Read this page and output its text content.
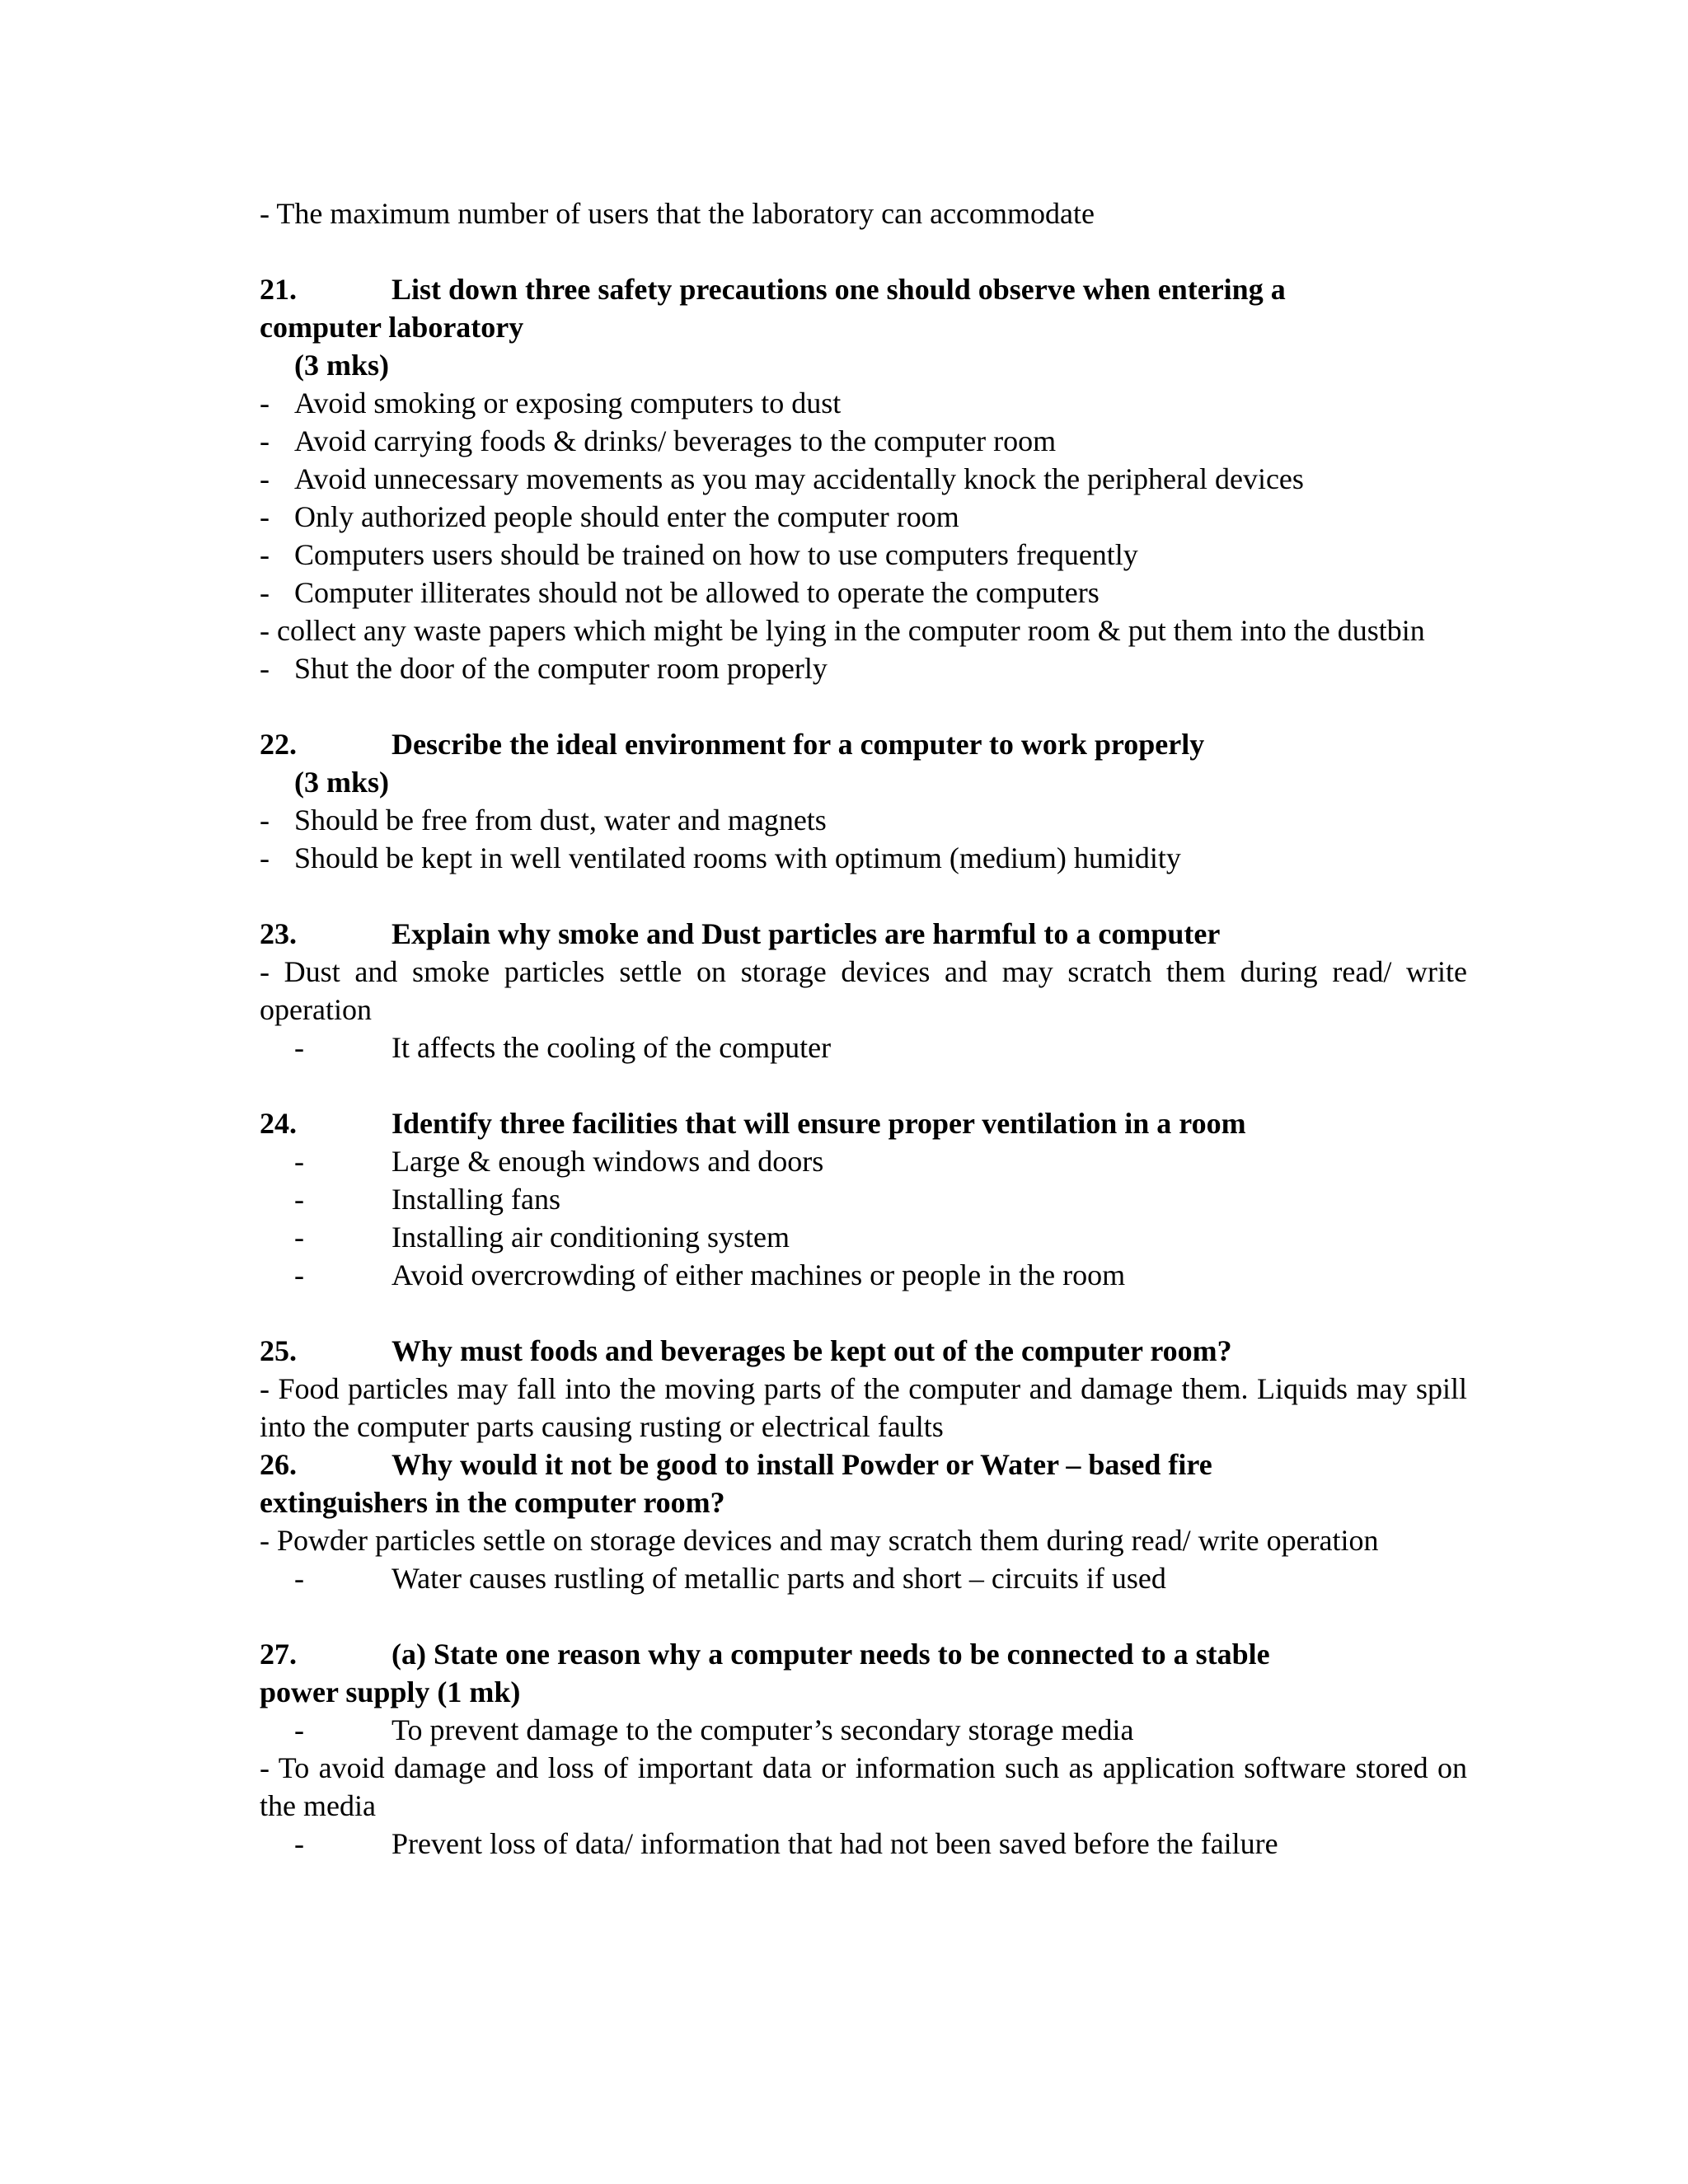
- The maximum number of users that the laboratory can accommodate

21.	List down three safety precautions one should observe when entering a

computer laboratory

(3 mks)

- Avoid smoking or exposing computers to dust

- Avoid carrying foods & drinks/ beverages to the computer room

- Avoid unnecessary movements as you may accidentally knock the peripheral devices

- Only authorized people should enter the computer room

- Computers users should be trained on how to use computers frequently

- Computer illiterates should not be allowed to operate the computers

- collect any waste papers which might be lying in the computer room & put them into the dustbin

- Shut the door of the computer room properly

22.	Describe the ideal environment for a computer to work properly

(3 mks)

- Should be free from dust, water and magnets

- Should be kept in well ventilated rooms with optimum (medium) humidity

23.	Explain why smoke and Dust particles are harmful to a computer

- Dust and smoke particles settle on storage devices and may scratch them during read/ write operation

-	It affects the cooling of the computer

24.	Identify three facilities that will ensure proper ventilation in a room

-	Large & enough windows and doors

-	Installing fans

-	Installing air conditioning system

-	Avoid overcrowding of either machines or people in the room

25.	Why must foods and beverages be kept out of the computer room?

- Food particles may fall into the moving parts of the computer and damage them. Liquids may spill into the computer parts causing rusting or electrical faults

26.	Why would it not be good to install Powder or Water – based fire

extinguishers in the computer room?

- Powder particles settle on storage devices and may scratch them during read/ write operation

-	Water causes rustling of metallic parts and short – circuits if used

27.	(a) State one reason why a computer needs to be connected to a stable

power supply (1 mk)

-	To prevent damage to the computer’s secondary storage media

- To avoid damage and loss of important data or information such as application software stored on the media

-	Prevent loss of data/ information that had not been saved before the failure
